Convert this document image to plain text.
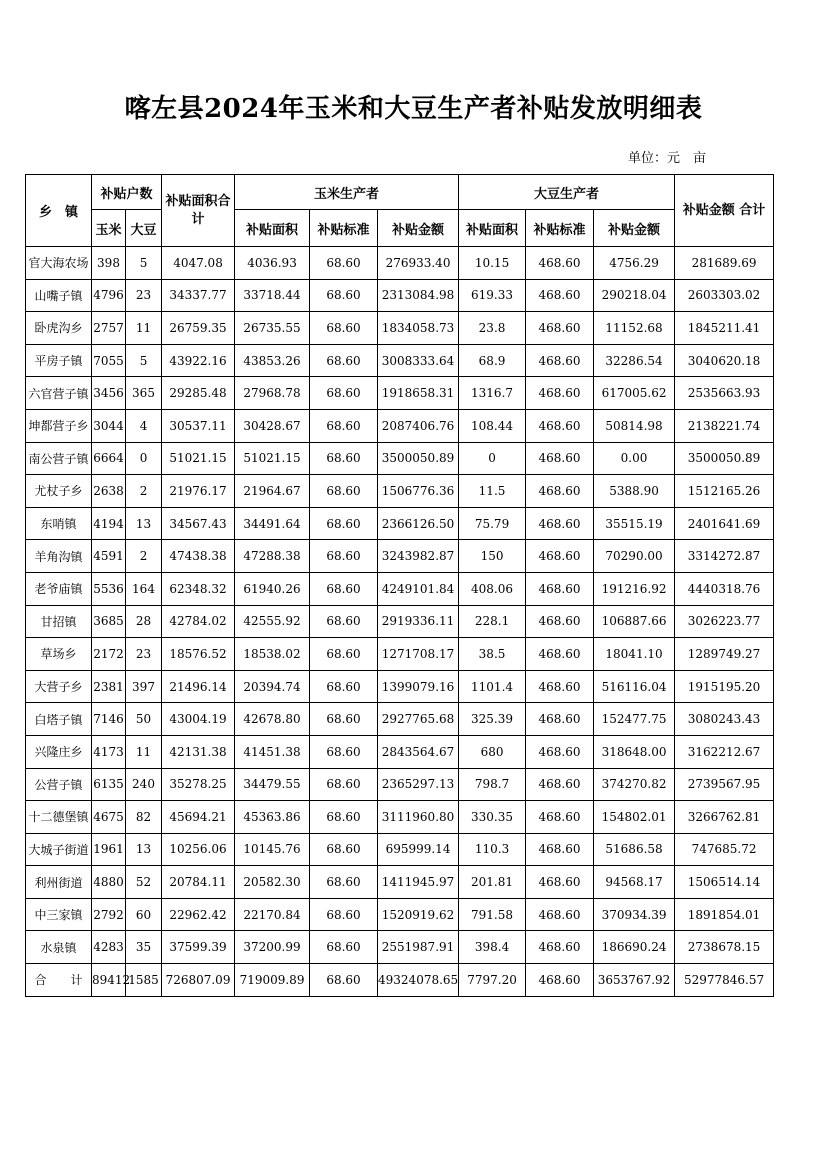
喀左县2024年玉米和大豆生产者补贴发放明细表
单位：元　亩
乡　镇	补贴户数		补贴面积合计	玉米生产者			大豆生产者			补贴金额 合计
	玉米	大豆		补贴面积	补贴标准	补贴金额	补贴面积	补贴标准	补贴金额	
官大海农场	398	5	4047.08	4036.93	68.60	276933.40	10.15	468.60	4756.29	281689.69
山嘴子镇	4796	23	34337.77	33718.44	68.60	2313084.98	619.33	468.60	290218.04	2603303.02
卧虎沟乡	2757	11	26759.35	26735.55	68.60	1834058.73	23.8	468.60	11152.68	1845211.41
平房子镇	7055	5	43922.16	43853.26	68.60	3008333.64	68.9	468.60	32286.54	3040620.18
六官营子镇	3456	365	29285.48	27968.78	68.60	1918658.31	1316.7	468.60	617005.62	2535663.93
坤都营子乡	3044	4	30537.11	30428.67	68.60	2087406.76	108.44	468.60	50814.98	2138221.74
南公营子镇	6664	0	51021.15	51021.15	68.60	3500050.89	0	468.60	0.00	3500050.89
尤杖子乡	2638	2	21976.17	21964.67	68.60	1506776.36	11.5	468.60	5388.90	1512165.26
东哨镇	4194	13	34567.43	34491.64	68.60	2366126.50	75.79	468.60	35515.19	2401641.69
羊角沟镇	4591	2	47438.38	47288.38	68.60	3243982.87	150	468.60	70290.00	3314272.87
老爷庙镇	5536	164	62348.32	61940.26	68.60	4249101.84	408.06	468.60	191216.92	4440318.76
甘招镇	3685	28	42784.02	42555.92	68.60	2919336.11	228.1	468.60	106887.66	3026223.77
草场乡	2172	23	18576.52	18538.02	68.60	1271708.17	38.5	468.60	18041.10	1289749.27
大营子乡	2381	397	21496.14	20394.74	68.60	1399079.16	1101.4	468.60	516116.04	1915195.20
白塔子镇	7146	50	43004.19	42678.80	68.60	2927765.68	325.39	468.60	152477.75	3080243.43
兴隆庄乡	4173	11	42131.38	41451.38	68.60	2843564.67	680	468.60	318648.00	3162212.67
公营子镇	6135	240	35278.25	34479.55	68.60	2365297.13	798.7	468.60	374270.82	2739567.95
十二德堡镇	4675	82	45694.21	45363.86	68.60	3111960.80	330.35	468.60	154802.01	3266762.81
大城子街道	1961	13	10256.06	10145.76	68.60	695999.14	110.3	468.60	51686.58	747685.72
利州街道	4880	52	20784.11	20582.30	68.60	1411945.97	201.81	468.60	94568.17	1506514.14
中三家镇	2792	60	22962.42	22170.84	68.60	1520919.62	791.58	468.60	370934.39	1891854.01
水泉镇	4283	35	37599.39	37200.99	68.60	2551987.91	398.4	468.60	186690.24	2738678.15
合　　计	89412	1585	726807.09	719009.89	68.60	49324078.65	7797.20	468.60	3653767.92	52977846.57
